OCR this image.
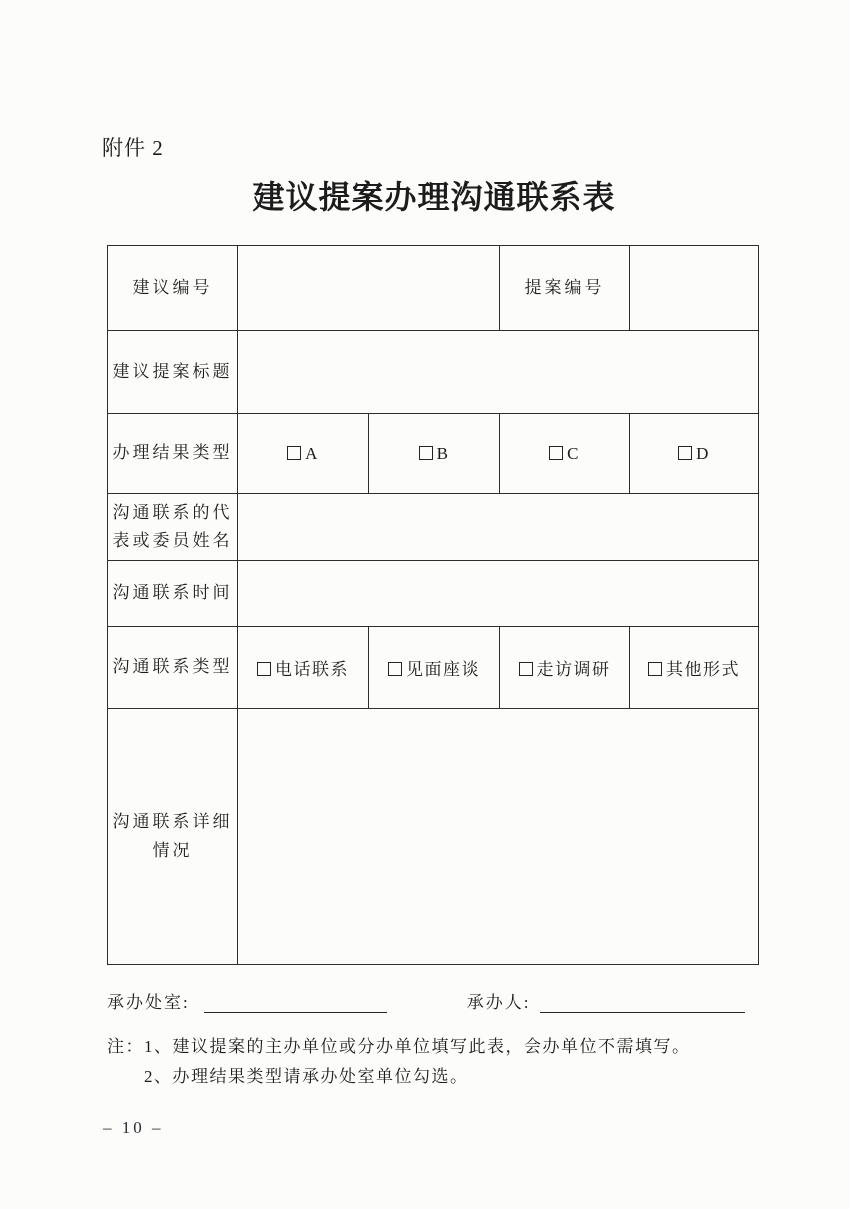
附件 2
建议提案办理沟通联系表
建议编号			提案编号	
建议提案标题				
办理结果类型	A	B	C	D
沟通联系的代表或委员姓名				
沟通联系时间				
沟通联系类型	电话联系	见面座谈	走访调研	其他形式
沟通联系详细情况				
承办处室:	承办人:
注： 1、建议提案的主办单位或分办单位填写此表，会办单位不需填写。
2、办理结果类型请承办处室单位勾选。
– 10 –
